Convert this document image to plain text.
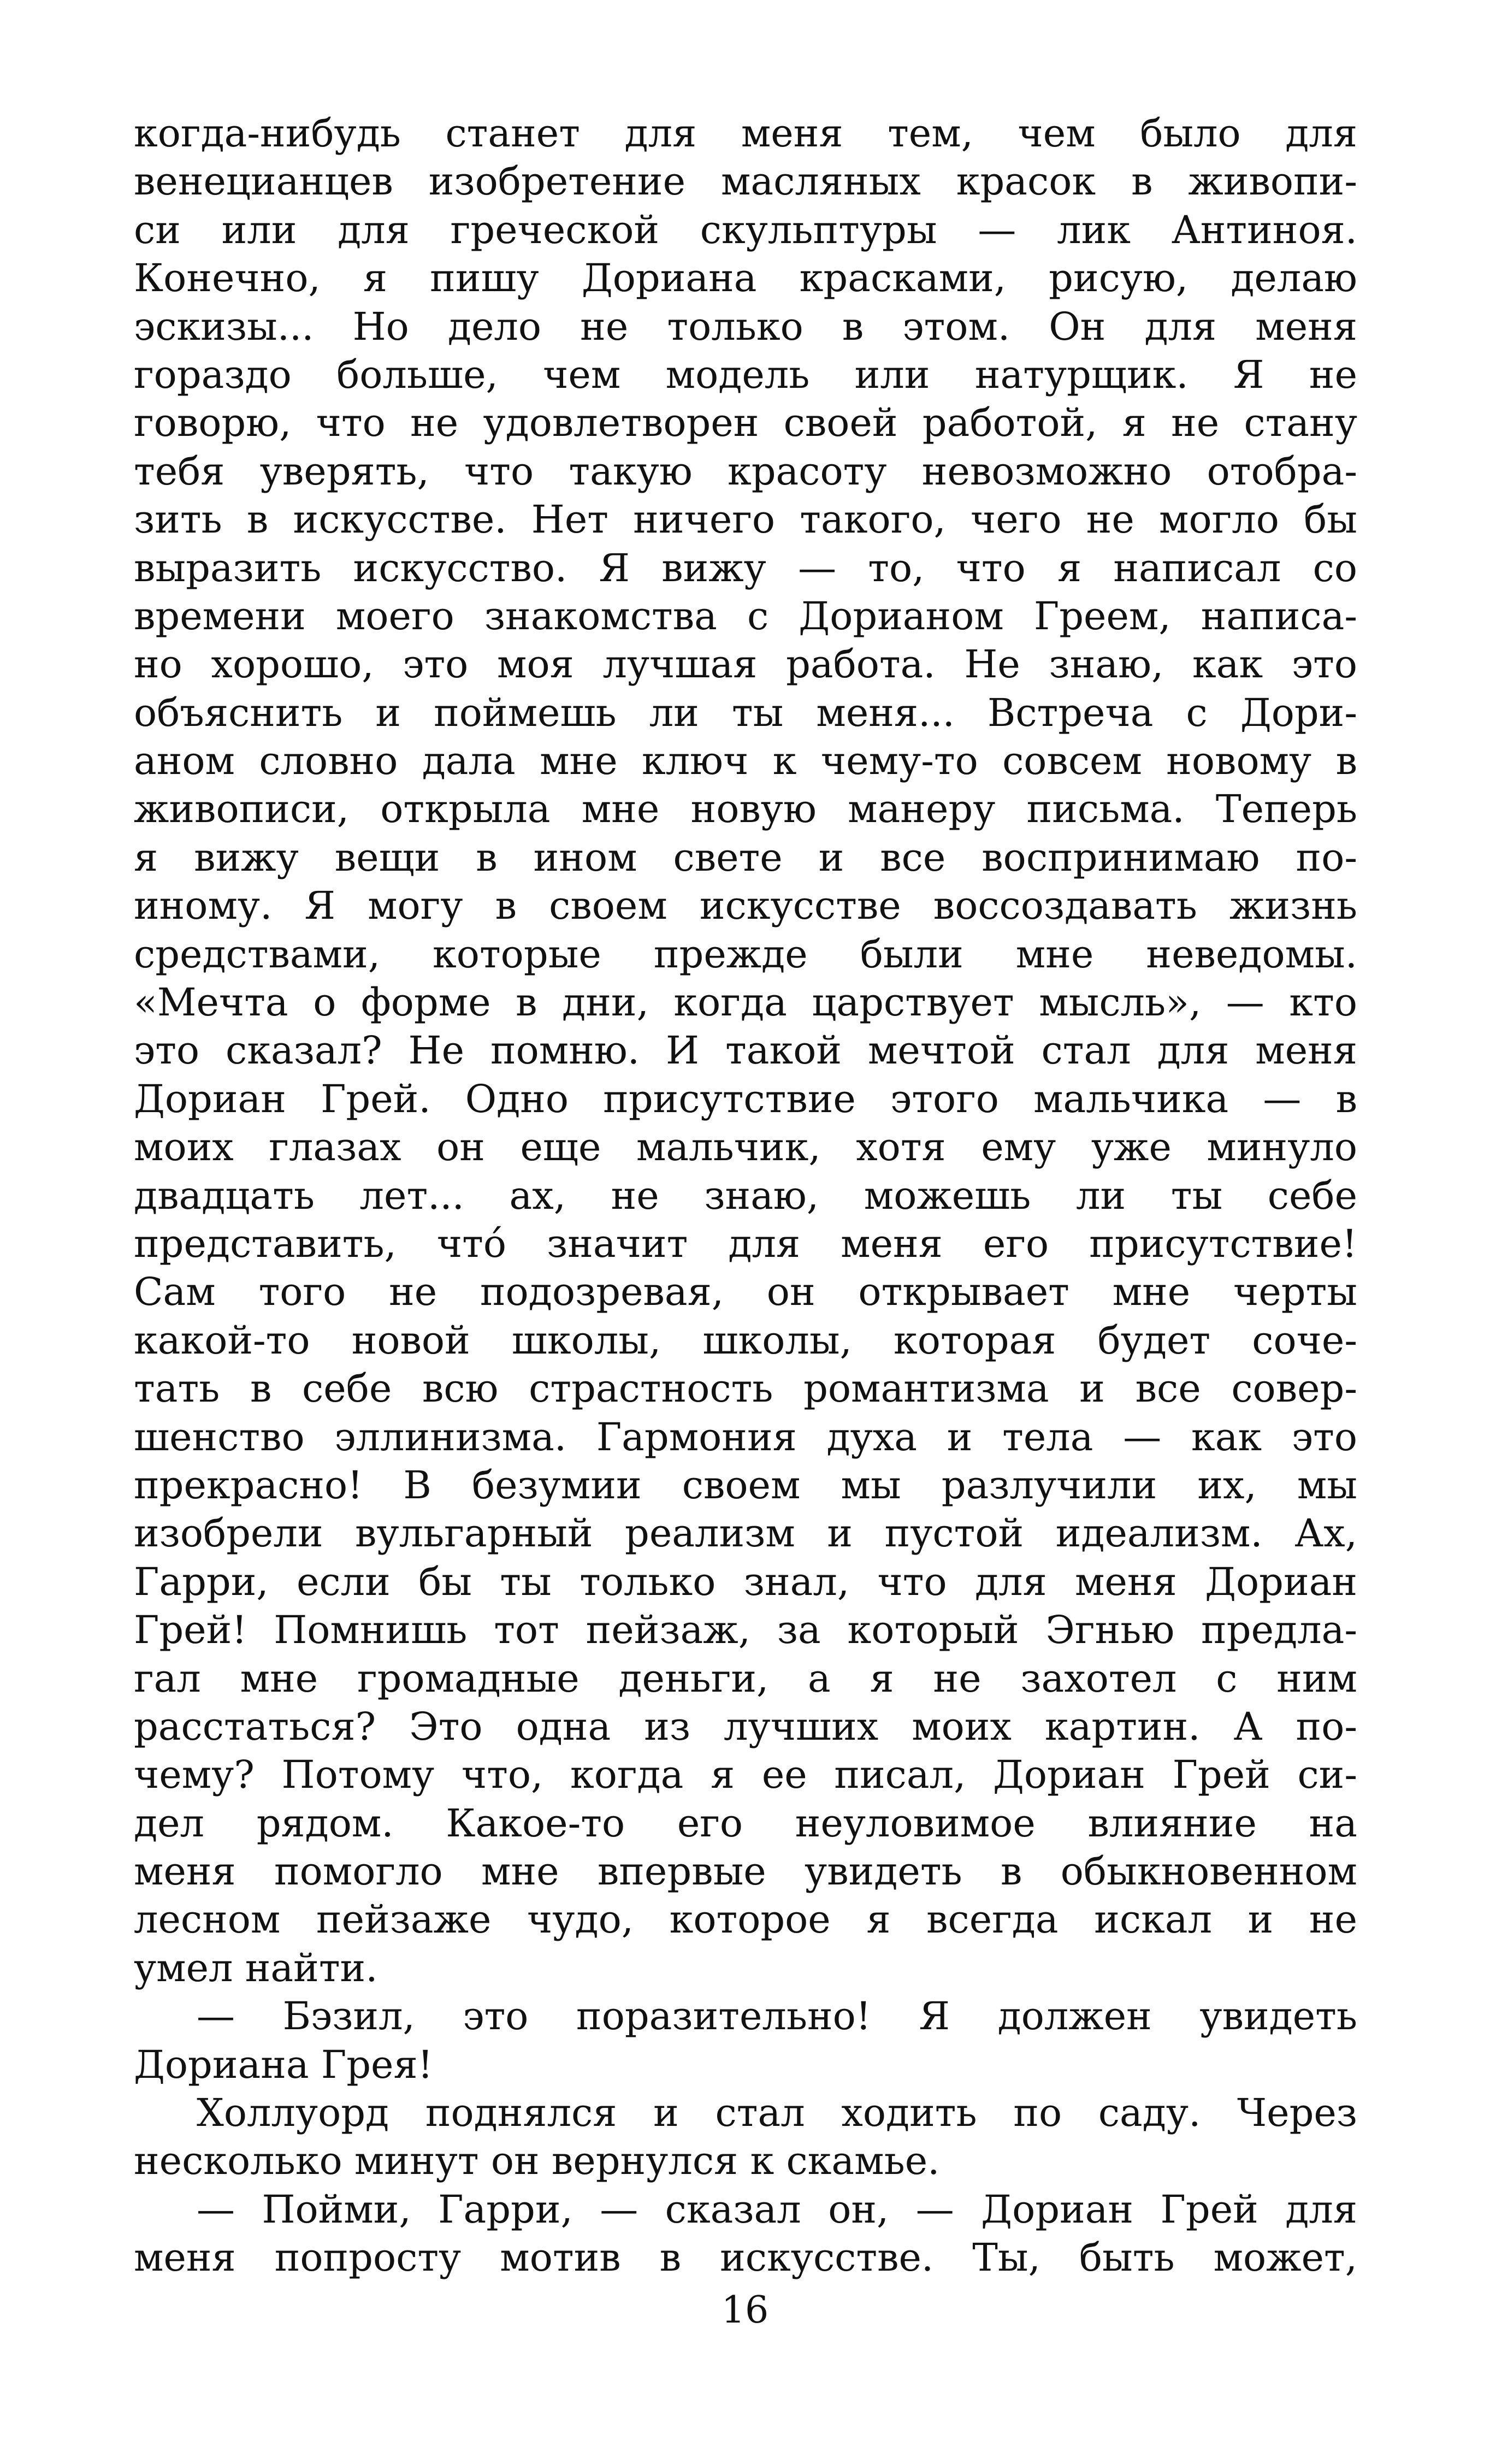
когда-нибудь станет для меня тем, чем было для
венецианцев изобретение масляных красок в живопи-
си или для греческой скульптуры — лик Антиноя.
Конечно, я пишу Дориана красками, рисую, делаю
эскизы... Но дело не только в этом. Он для меня
гораздо больше, чем модель или натурщик. Я не
говорю, что не удовлетворен своей работой, я не стану
тебя уверять, что такую красоту невозможно отобра-
зить в искусстве. Нет ничего такого, чего не могло бы
выразить искусство. Я вижу — то, что я написал со
времени моего знакомства с Дорианом Греем, написа-
но хорошо, это моя лучшая работа. Не знаю, как это
объяснить и поймешь ли ты меня... Встреча с Дори-
аном словно дала мне ключ к чему-то совсем новому в
живописи, открыла мне новую манеру письма. Теперь
я вижу вещи в ином свете и все воспринимаю по-
иному. Я могу в своем искусстве воссоздавать жизнь
средствами, которые прежде были мне неведомы.
«Мечта о форме в дни, когда царствует мысль», — кто
это сказал? Не помню. И такой мечтой стал для меня
Дориан Грей. Одно присутствие этого мальчика — в
моих глазах он еще мальчик, хотя ему уже минуло
двадцать лет... ах, не знаю, можешь ли ты себе
представить, чтó значит для меня его присутствие!
Сам того не подозревая, он открывает мне черты
какой-то новой школы, школы, которая будет соче-
тать в себе всю страстность романтизма и все совер-
шенство эллинизма. Гармония духа и тела — как это
прекрасно! В безумии своем мы разлучили их, мы
изобрели вульгарный реализм и пустой идеализм. Ах,
Гарри, если бы ты только знал, что для меня Дориан
Грей! Помнишь тот пейзаж, за который Эгнью предла-
гал мне громадные деньги, а я не захотел с ним
расстаться? Это одна из лучших моих картин. А по-
чему? Потому что, когда я ее писал, Дориан Грей си-
дел рядом. Какое-то его неуловимое влияние на
меня помогло мне впервые увидеть в обыкновенном
лесном пейзаже чудо, которое я всегда искал и не
умел найти.
— Бэзил, это поразительно! Я должен увидеть
Дориана Грея!
Холлуорд поднялся и стал ходить по саду. Через
несколько минут он вернулся к скамье.
— Пойми, Гарри, — сказал он, — Дориан Грей для
меня попросту мотив в искусстве. Ты, быть может,
16
